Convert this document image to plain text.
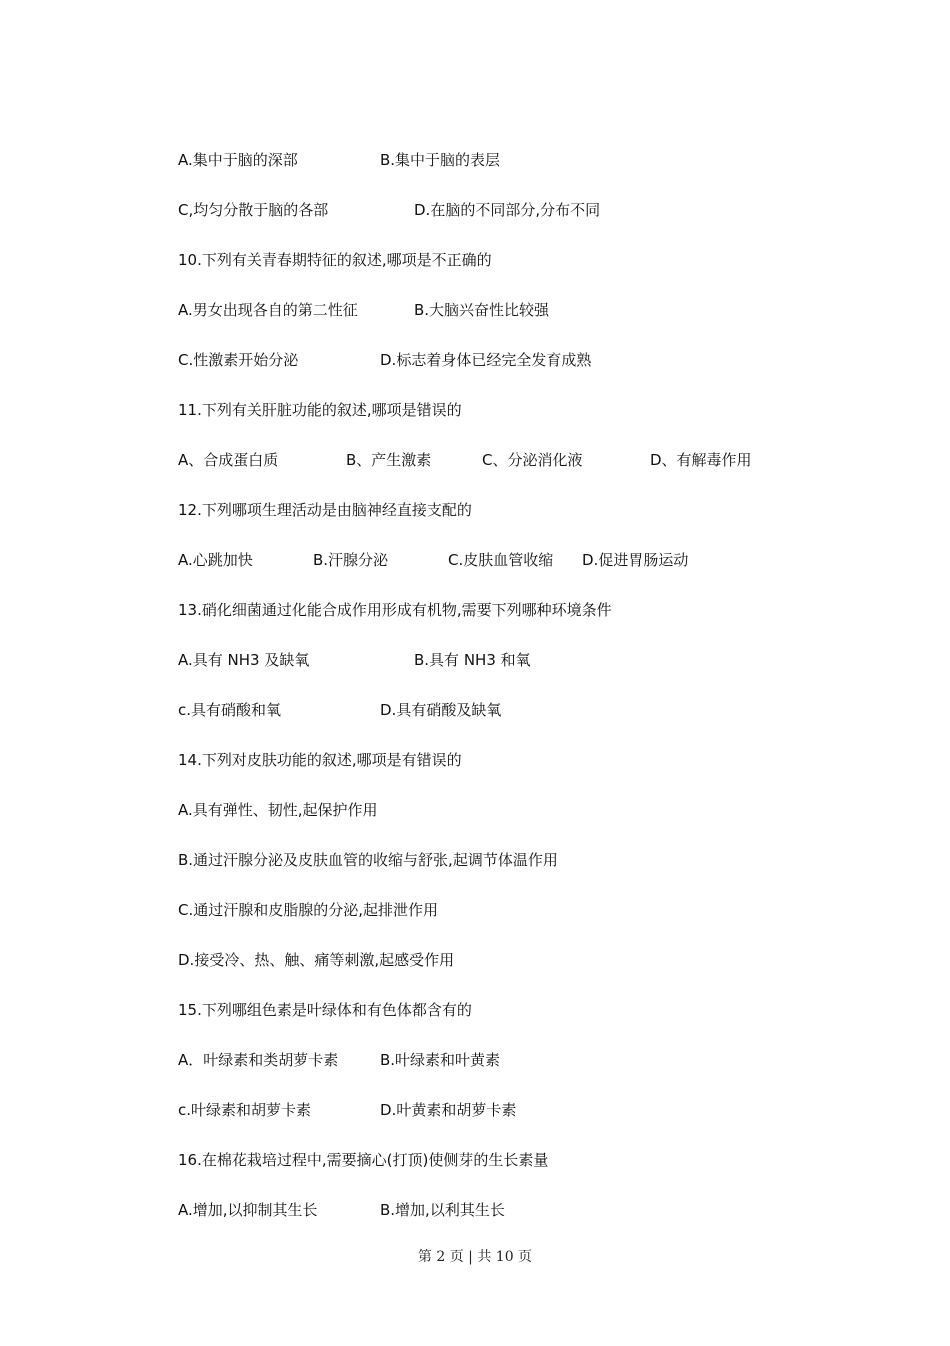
A.集中于脑的深部	B.集中于脑的表层
C,均匀分散于脑的各部	D.在脑的不同部分,分布不同
10.下列有关青春期特征的叙述,哪项是不正确的
A.男女出现各自的第二性征	B.大脑兴奋性比较强
C.性激素开始分泌	D.标志着身体已经完全发育成熟
11.下列有关肝脏功能的叙述,哪项是错误的
A、合成蛋白质	B、产生激素	C、分泌消化液	D、有解毒作用
12.下列哪项生理活动是由脑神经直接支配的
A.心跳加快	B.汗腺分泌	C.皮肤血管收缩 D.促进胃肠运动
13.硝化细菌通过化能合成作用形成有机物,需要下列哪种环境条件
A.具有 NH3 及缺氧	B.具有 NH3 和氧
c.具有硝酸和氧	D.具有硝酸及缺氧
14.下列对皮肤功能的叙述,哪项是有错误的
A.具有弹性、韧性,起保护作用
B.通过汗腺分泌及皮肤血管的收缩与舒张,起调节体温作用
C.通过汗腺和皮脂腺的分泌,起排泄作用
D.接受冷、热、触、痛等刺激,起感受作用
15.下列哪组色素是叶绿体和有色体都含有的
A．叶绿素和类胡萝卡素	B.叶绿素和叶黄素
c.叶绿素和胡萝卡素	D.叶黄素和胡萝卡素
16.在棉花栽培过程中,需要摘心(打顶)使侧芽的生长素量
A.增加,以抑制其生长	B.增加,以利其生长
第 2 页 | 共 10 页
